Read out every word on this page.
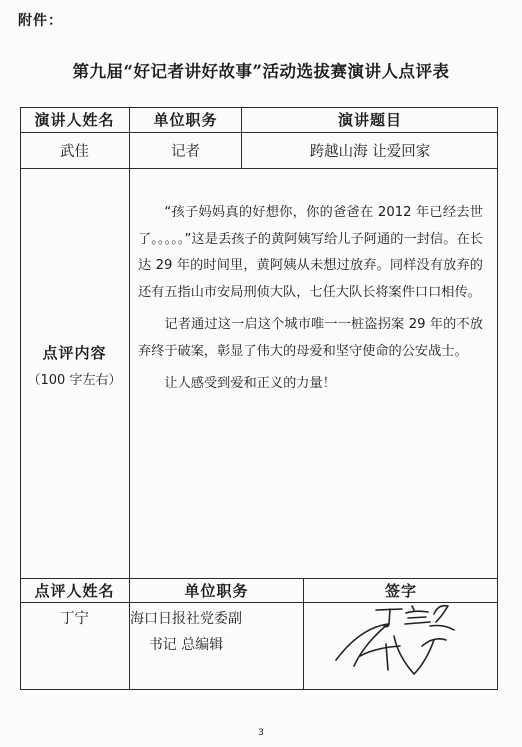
附件：
第九届“好记者讲好故事”活动选拔赛演讲人点评表
演讲人姓名	单位职务	演讲题目
武佳	记者	跨越山海 让爱回家
点评内容
（100 字左右）

“孩子妈妈真的好想你，你的爸爸在 2012 年已经去世了。。。。。”这是丢孩子的黄阿姨写给儿子阿通的一封信。在长达 29 年的时间里，黄阿姨从未想过放弃。同样没有放弃的还有五指山市安局刑侦大队，七任大队长将案件口口相传。

记者通过这一启这个城市唯一一桩盗拐案 29 年的不放弃终于破案，彰显了伟大的母爱和坚守使命的公安战士。

让人感受到爱和正义的力量！

点评人姓名	单位职务	签字
丁宁	海口日报社党委副书记 总编辑
3
